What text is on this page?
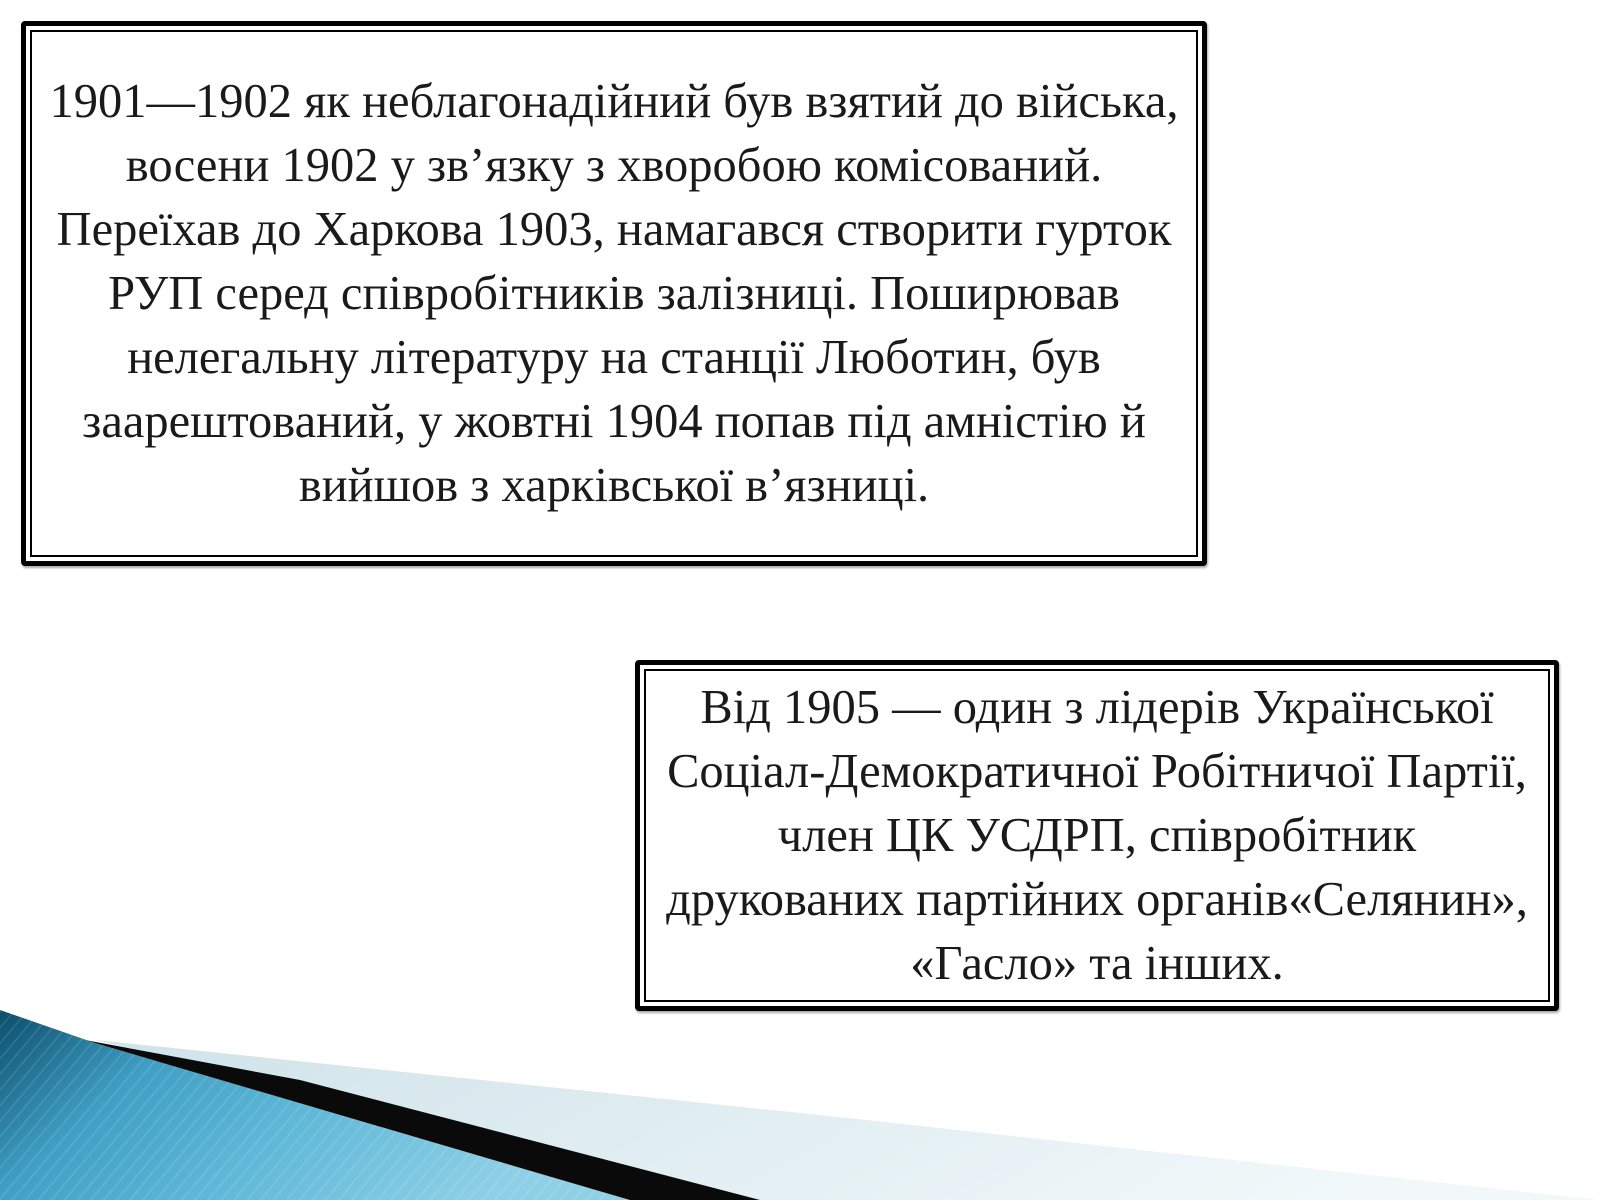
1901—1902 як неблагонадійний був взятий до війська, восени 1902 у зв’язку з хворобою комісований. Переїхав до Харкова 1903, намагався створити гурток РУП серед співробітників залізниці. Поширював нелегальну літературу на станції Люботин, був заарештований, у жовтні 1904 попав під амністію й вийшов з харківської в’язниці.

Від 1905 — один з лідерів Української Соціал-Демократичної Робітничої Партії, член ЦК УСДРП, співробітник друкованих партійних органів«Селянин», «Гасло» та інших.
